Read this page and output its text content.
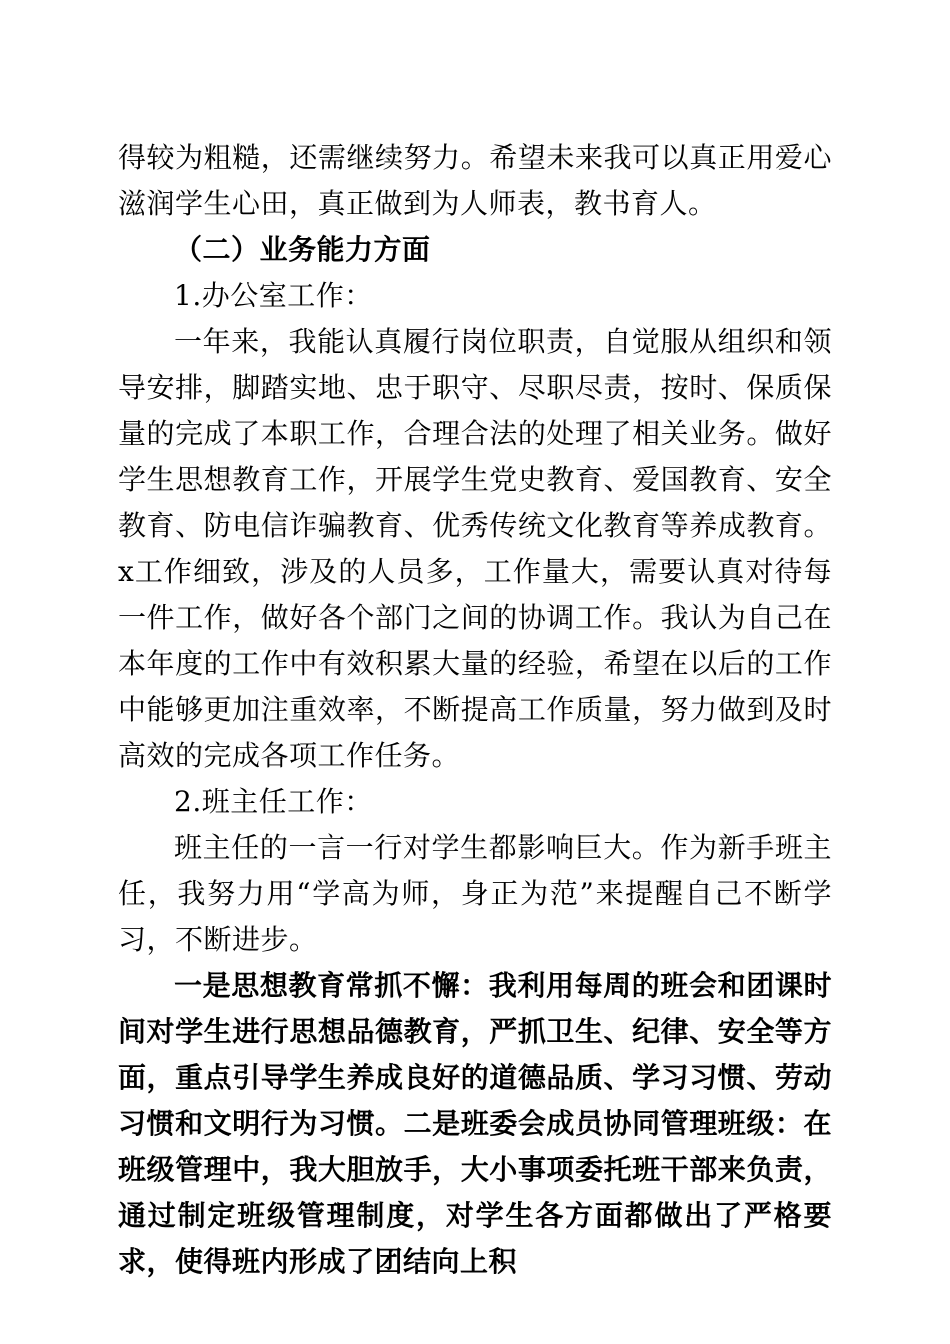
得较为粗糙，还需继续努力。希望未来我可以真正用爱心滋润学生心田，真正做到为人师表，教书育人。

（二）业务能力方面

1.办公室工作：

一年来，我能认真履行岗位职责，自觉服从组织和领导安排，脚踏实地、忠于职守、尽职尽责，按时、保质保量的完成了本职工作，合理合法的处理了相关业务。做好学生思想教育工作，开展学生党史教育、爱国教育、安全教育、防电信诈骗教育、优秀传统文化教育等养成教育。x工作细致，涉及的人员多，工作量大，需要认真对待每一件工作，做好各个部门之间的协调工作。我认为自己在本年度的工作中有效积累大量的经验，希望在以后的工作中能够更加注重效率，不断提高工作质量，努力做到及时高效的完成各项工作任务。

2.班主任工作：

班主任的一言一行对学生都影响巨大。作为新手班主任，我努力用“学高为师，身正为范”来提醒自己不断学习，不断进步。

一是思想教育常抓不懈：我利用每周的班会和团课时间对学生进行思想品德教育，严抓卫生、纪律、安全等方面，重点引导学生养成良好的道德品质、学习习惯、劳动习惯和文明行为习惯。二是班委会成员协同管理班级：在班级管理中，我大胆放手，大小事项委托班干部来负责，通过制定班级管理制度，对学生各方面都做出了严格要求，使得班内形成了团结向上积
